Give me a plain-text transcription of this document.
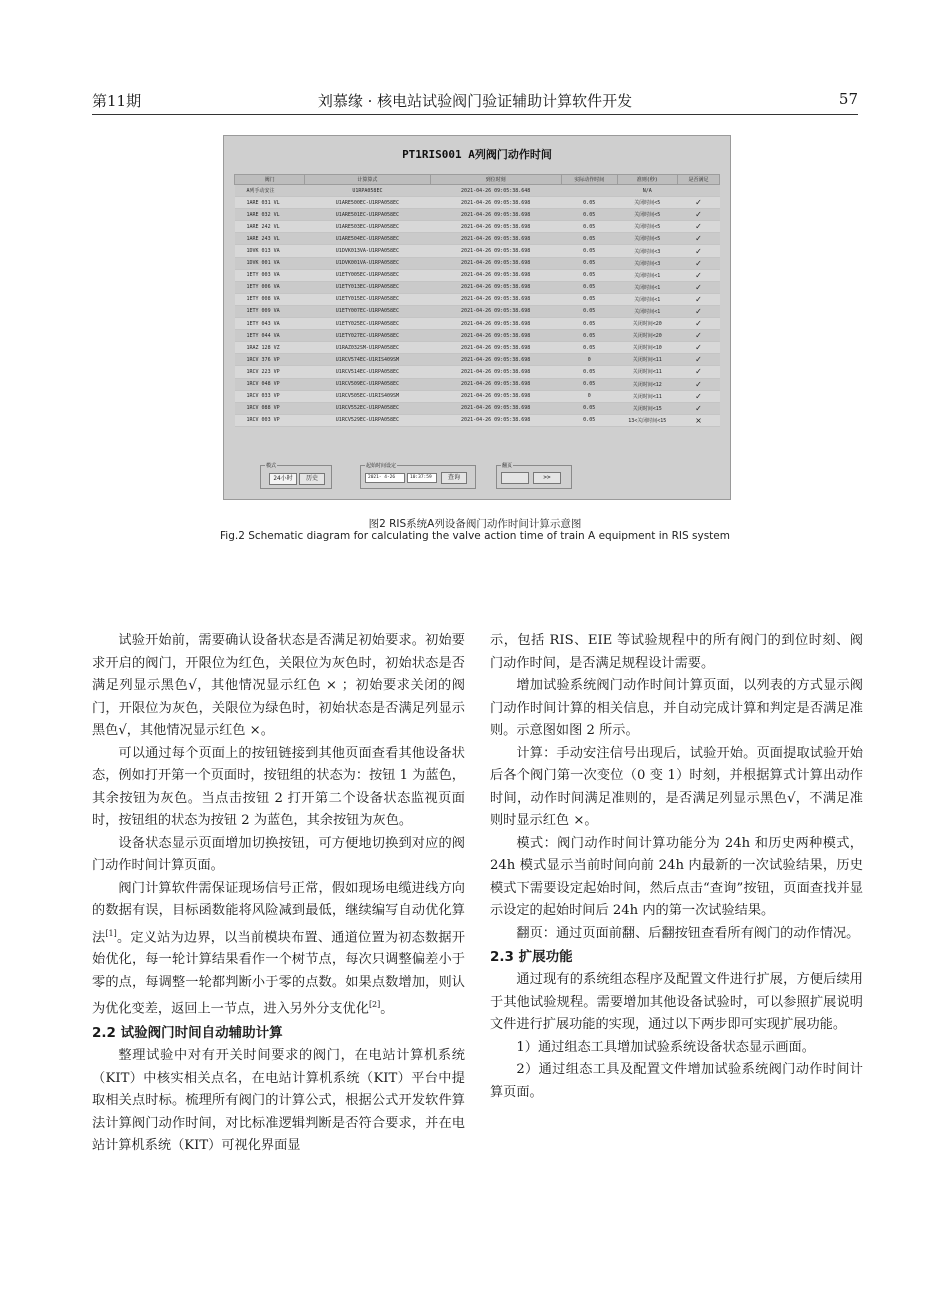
第11期	刘慕缘 · 核电站试验阀门验证辅助计算软件开发	57
PT1RIS001 A列阀门动作时间
阀门	计算算式	到位时刻	实际动作时间	准则(秒)	是否满足
A列手动安注	U1RPA058EC	2021-04-26 09:05:38.648		N/A	
1ARE 031 VL	U1ARE500EC-U1RPA058EC	2021-04-26 09:05:38.698	0.05	关闭时间<5	✓
1ARE 032 VL	U1ARE501EC-U1RPA058EC	2021-04-26 09:05:38.698	0.05	关闭时间<5	✓
1ARE 242 VL	U1ARE503EC-U1RPA058EC	2021-04-26 09:05:38.698	0.05	关闭时间<5	✓
1ARE 243 VL	U1ARE504EC-U1RPA058EC	2021-04-26 09:05:38.698	0.05	关闭时间<5	✓
1DVK 013 VA	U1DVK013VA-U1RPA058EC	2021-04-26 09:05:38.698	0.05	关闭时间<3	✓
1DVK 001 VA	U1DVK001VA-U1RPA058EC	2021-04-26 09:05:38.698	0.05	关闭时间<3	✓
1ETY 003 VA	U1ETY005EC-U1RPA058EC	2021-04-26 09:05:38.698	0.05	关闭时间<1	✓
1ETY 006 VA	U1ETY013EC-U1RPA058EC	2021-04-26 09:05:38.698	0.05	关闭时间<1	✓
1ETY 008 VA	U1ETY015EC-U1RPA058EC	2021-04-26 09:05:38.698	0.05	关闭时间<1	✓
1ETY 009 VA	U1ETY007EC-U1RPA058EC	2021-04-26 09:05:38.698	0.05	关闭时间<1	✓
1ETY 043 VA	U1ETY025EC-U1RPA058EC	2021-04-26 09:05:38.698	0.05	关闭时间<20	✓
1ETY 044 VA	U1ETY027EC-U1RPA058EC	2021-04-26 09:05:38.698	0.05	关闭时间<20	✓
1RAZ 128 VZ	U1RAZ032SM-U1RPA058EC	2021-04-26 09:05:38.698	0.05	关闭时间<10	✓
1RCV 376 VP	U1RCV574EC-U1RIS409SM	2021-04-26 09:05:38.698	0	关闭时间<11	✓
1RCV 223 VP	U1RCV514EC-U1RPA058EC	2021-04-26 09:05:38.698	0.05	关闭时间<11	✓
1RCV 048 VP	U1RCV509EC-U1RPA058EC	2021-04-26 09:05:38.698	0.05	关闭时间<12	✓
1RCV 033 VP	U1RCV505EC-U1RIS409SM	2021-04-26 09:05:38.698	0	关闭时间<11	✓
1RCV 088 VP	U1RCV552EC-U1RPA058EC	2021-04-26 09:05:38.698	0.05	关闭时间<15	✓
1RCV 003 VP	U1RCV529EC-U1RPA058EC	2021-04-26 09:05:38.698	0.05	13<关闭时间<15	×
模式
24小时	历史
起始时间设定
2021- 4-26	10:37:59	查询
翻页
>>
图2 RIS系统A列设备阀门动作时间计算示意图
Fig.2 Schematic diagram for calculating the valve action time of train A equipment in RIS system

试验开始前，需要确认设备状态是否满足初始要求。初始要求开启的阀门，开限位为红色，关限位为灰色时，初始状态是否满足列显示黑色√，其他情况显示红色 × ；初始要求关闭的阀门，开限位为灰色，关限位为绿色时，初始状态是否满足列显示黑色√，其他情况显示红色 ×。

可以通过每个页面上的按钮链接到其他页面查看其他设备状态，例如打开第一个页面时，按钮组的状态为：按钮 1 为蓝色，其余按钮为灰色。当点击按钮 2 打开第二个设备状态监视页面时，按钮组的状态为按钮 2 为蓝色，其余按钮为灰色。

设备状态显示页面增加切换按钮，可方便地切换到对应的阀门动作时间计算页面。

阀门计算软件需保证现场信号正常，假如现场电缆进线方向的数据有误，目标函数能将风险减到最低，继续编写自动优化算法[1]。定义站为边界，以当前模块布置、通道位置为初态数据开始优化，每一轮计算结果看作一个树节点，每次只调整偏差小于零的点，每调整一轮都判断小于零的点数。如果点数增加，则认为优化变差，返回上一节点，进入另外分支优化[2]。

2.2 试验阀门时间自动辅助计算

整理试验中对有开关时间要求的阀门，在电站计算机系统（KIT）中核实相关点名，在电站计算机系统（KIT）平台中提取相关点时标。梳理所有阀门的计算公式，根据公式开发软件算法计算阀门动作时间，对比标准逻辑判断是否符合要求，并在电站计算机系统（KIT）可视化界面显

示，包括 RIS、EIE 等试验规程中的所有阀门的到位时刻、阀门动作时间，是否满足规程设计需要。

增加试验系统阀门动作时间计算页面，以列表的方式显示阀门动作时间计算的相关信息，并自动完成计算和判定是否满足准则。示意图如图 2 所示。

计算：手动安注信号出现后，试验开始。页面提取试验开始后各个阀门第一次变位（0 变 1）时刻，并根据算式计算出动作时间，动作时间满足准则的，是否满足列显示黑色√，不满足准则时显示红色 ×。

模式：阀门动作时间计算功能分为 24h 和历史两种模式，24h 模式显示当前时间向前 24h 内最新的一次试验结果，历史模式下需要设定起始时间，然后点击“查询”按钮，页面查找并显示设定的起始时间后 24h 内的第一次试验结果。

翻页：通过页面前翻、后翻按钮查看所有阀门的动作情况。

2.3 扩展功能

通过现有的系统组态程序及配置文件进行扩展，方便后续用于其他试验规程。需要增加其他设备试验时，可以参照扩展说明文件进行扩展功能的实现，通过以下两步即可实现扩展功能。

1）通过组态工具增加试验系统设备状态显示画面。

2）通过组态工具及配置文件增加试验系统阀门动作时间计算页面。
